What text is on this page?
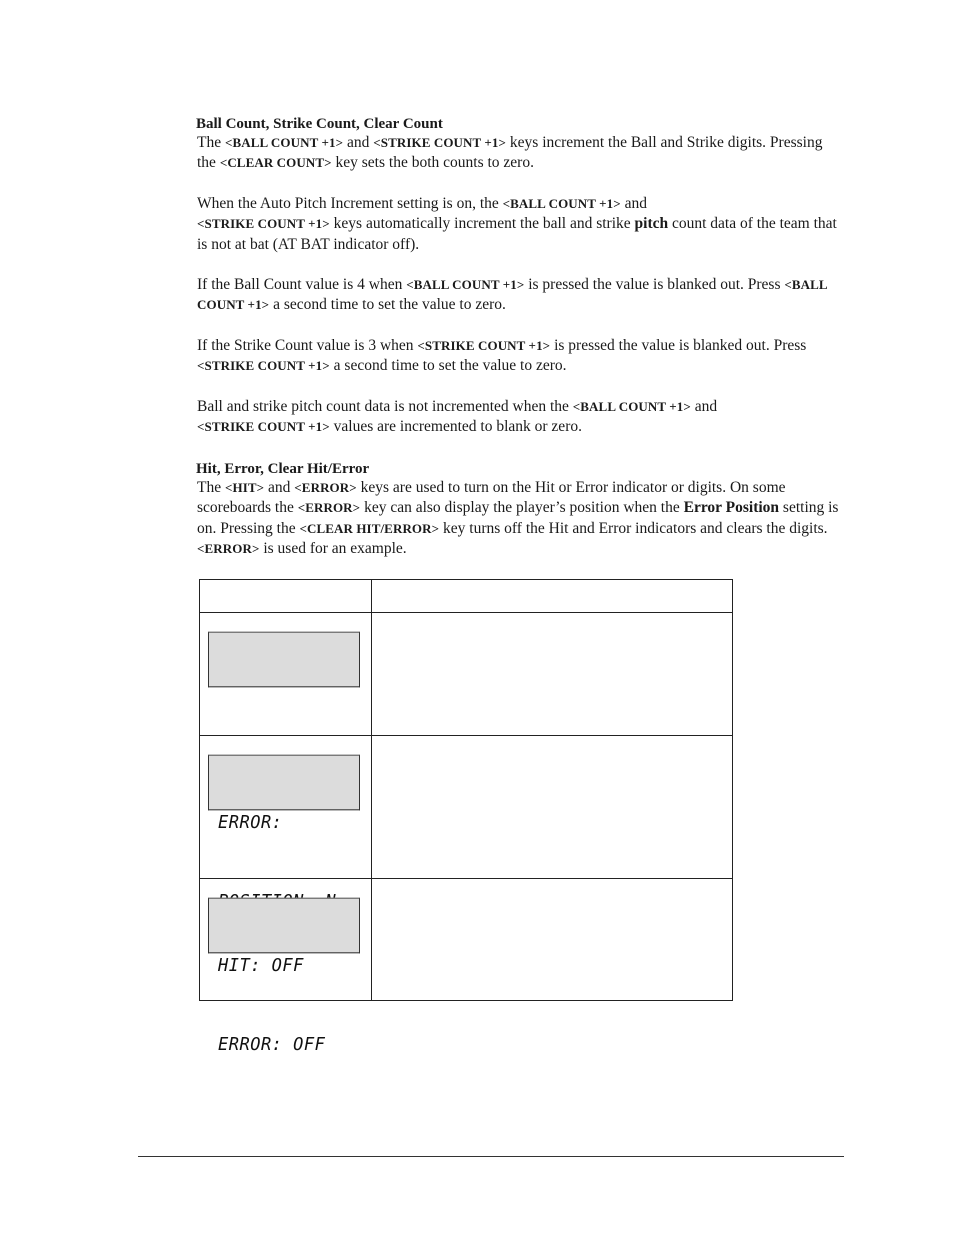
Ball Count, Strike Count, Clear Count

The <BALL COUNT +1> and <STRIKE COUNT +1> keys increment the Ball and Strike digits. Pressing the <CLEAR COUNT> key sets the both counts to zero.

When the Auto Pitch Increment setting is on, the <BALL COUNT +1> and
<STRIKE COUNT +1> keys automatically increment the ball and strike pitch count data of the team that is not at bat (AT BAT indicator off).

If the Ball Count value is 4 when <BALL COUNT +1> is pressed the value is blanked out. Press <BALL COUNT +1> a second time to set the value to zero.

If the Strike Count value is 3 when <STRIKE COUNT +1> is pressed the value is blanked out. Press <STRIKE COUNT +1> a second time to set the value to zero.

Ball and strike pitch count data is not incremented when the <BALL COUNT +1> and
<STRIKE COUNT +1> values are incremented to blank or zero.

Hit, Error, Clear Hit/Error

The <HIT> and <ERROR> keys are used to turn on the Hit or Error indicator or digits. On some scoreboards the <ERROR> key can also display the player’s position when the Error Position setting is on. Pressing the <CLEAR HIT/ERROR> key turns off the Hit and Error indicators and clears the digits. <ERROR> is used for an example.

ERROR:	

HIT: OFF

ERROR: OFF	
